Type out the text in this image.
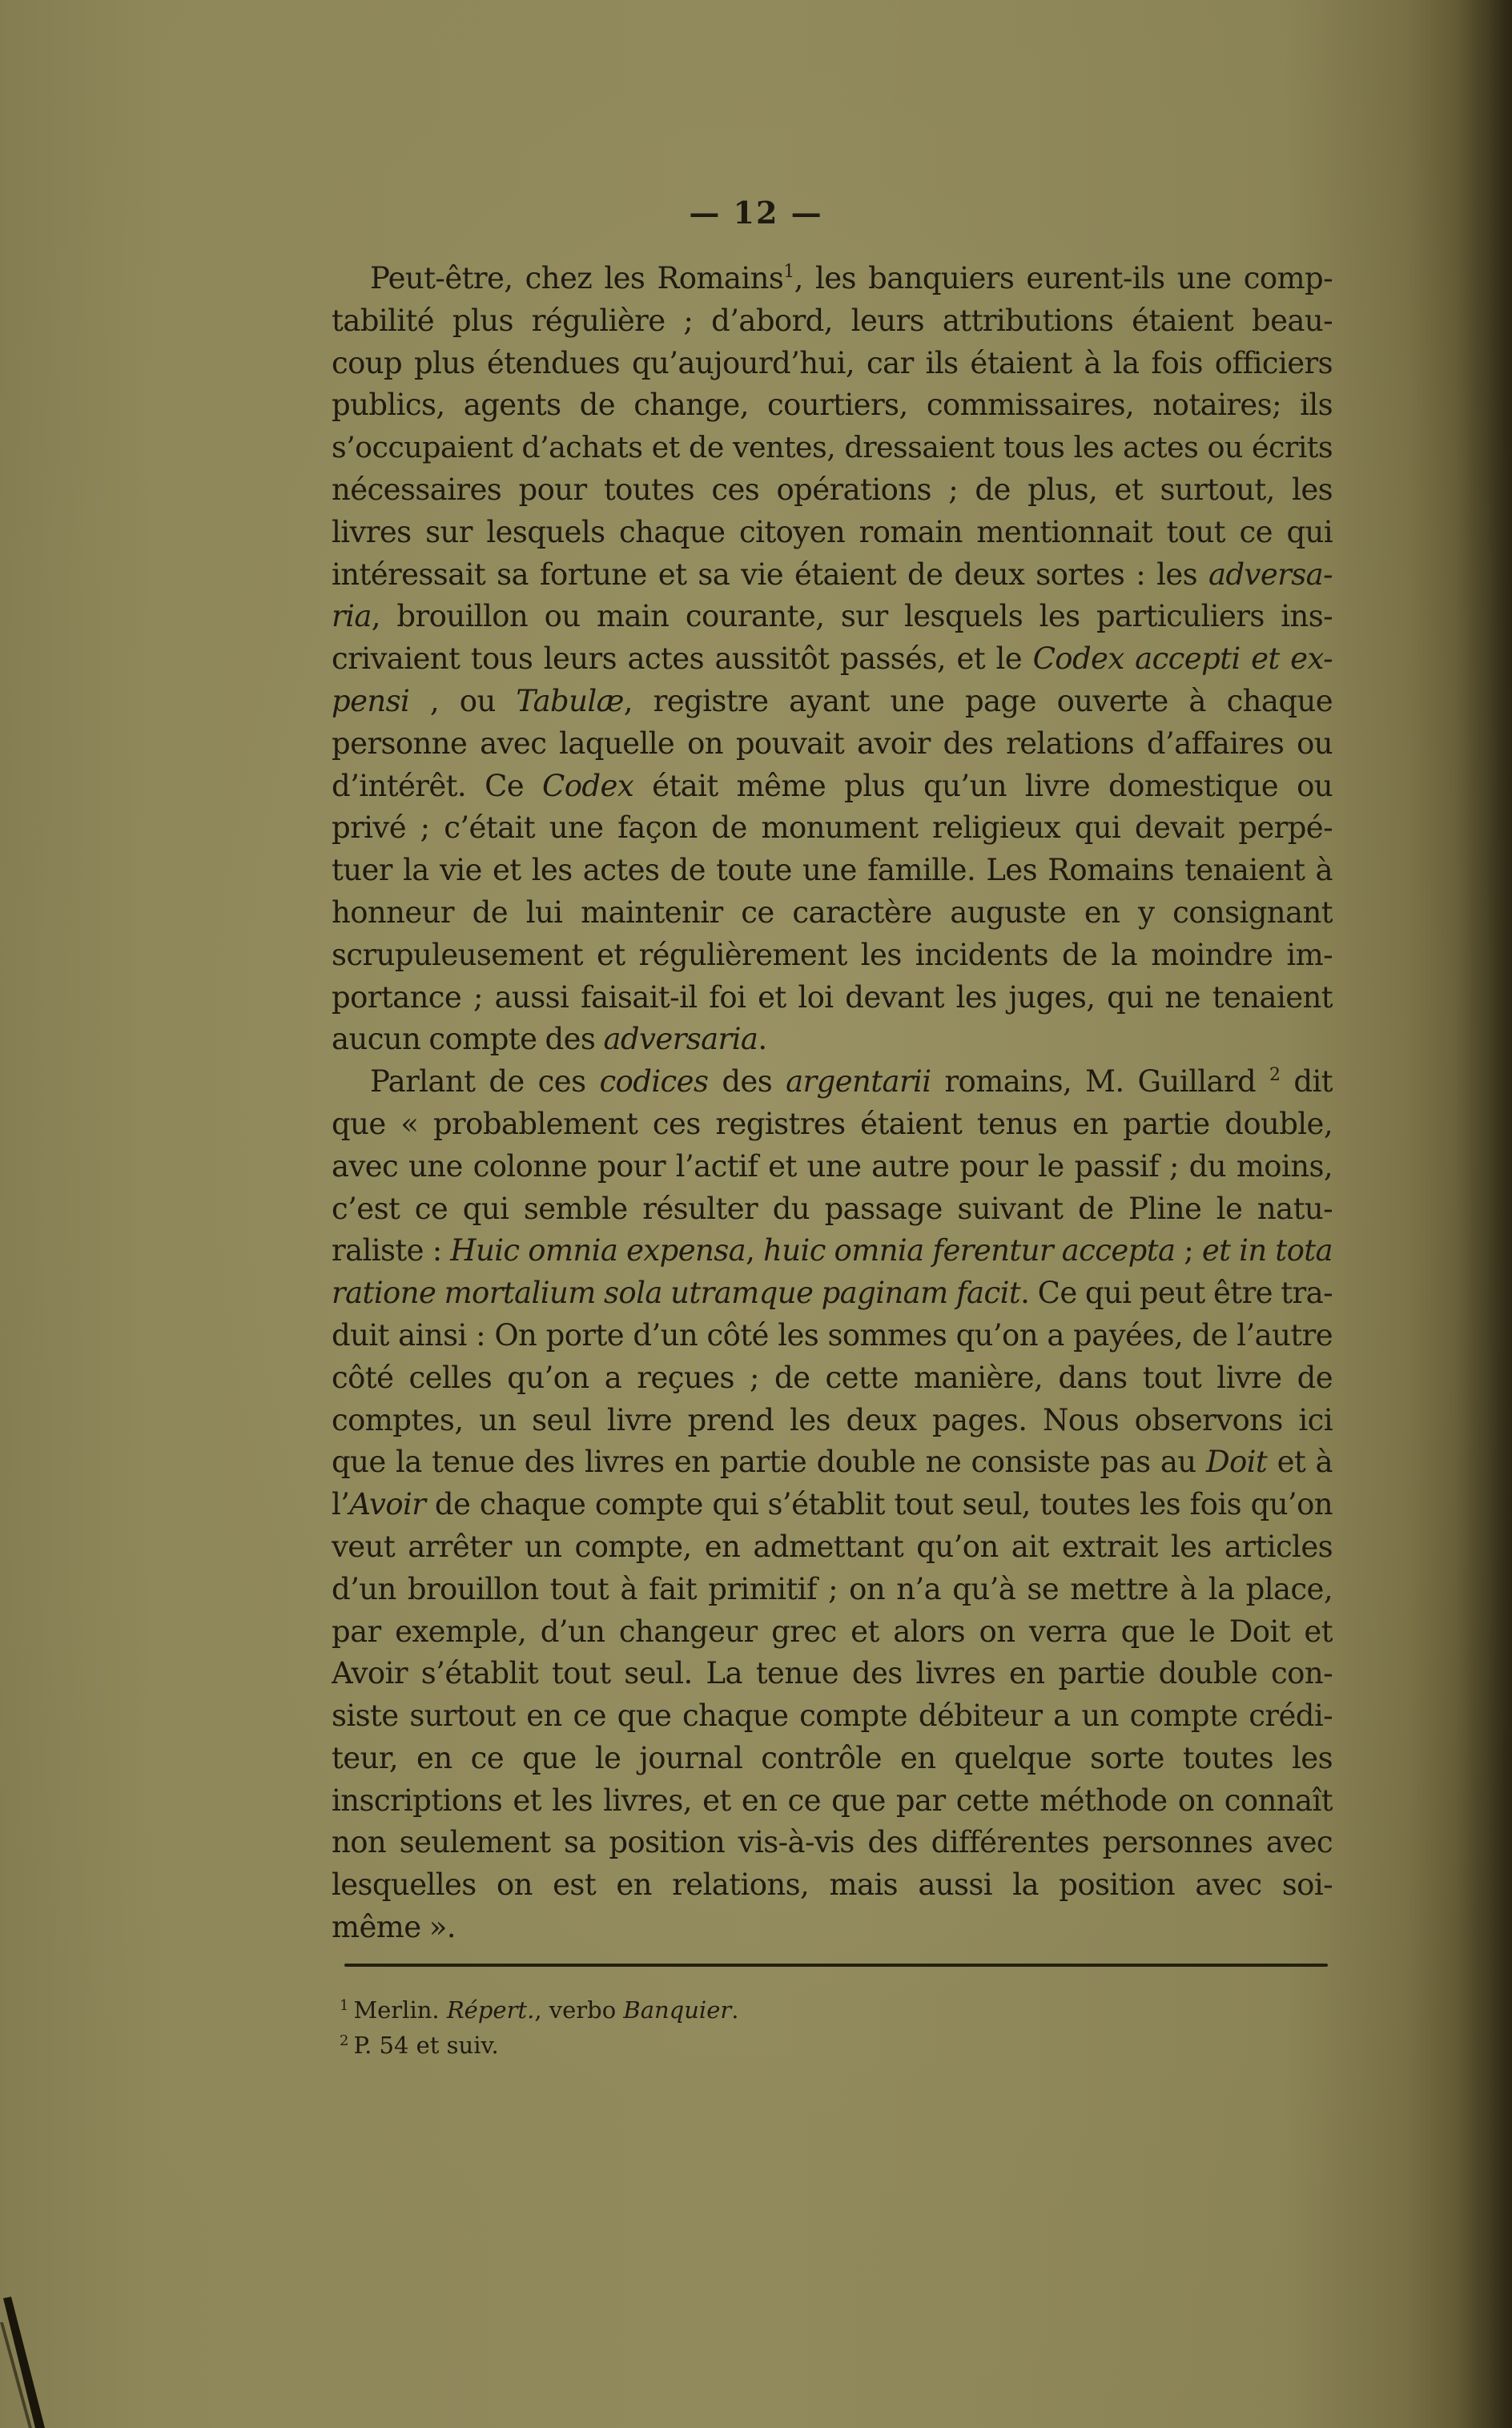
— 12 —
Peut-être, chez les Romains$^1$, les banquiers eurent-ils une comp-
tabilité plus régulière ; d’abord, leurs attributions étaient beau-
coup plus étendues qu’aujourd’hui, car ils étaient à la fois officiers
publics, agents de change, courtiers, commissaires, notaires; ils
s’occupaient d’achats et de ventes, dressaient tous les actes ou écrits
nécessaires pour toutes ces opérations ; de plus, et surtout, les
livres sur lesquels chaque citoyen romain mentionnait tout ce qui
intéressait sa fortune et sa vie étaient de deux sortes : les adversa-
ria, brouillon ou main courante, sur lesquels les particuliers ins-
crivaient tous leurs actes aussitôt passés, et le Codex accepti et ex-
pensi , ou Tabulæ, registre ayant une page ouverte à chaque
personne avec laquelle on pouvait avoir des relations d’affaires ou
d’intérêt. Ce Codex était même plus qu’un livre domestique ou
privé ; c’était une façon de monument religieux qui devait perpé-
tuer la vie et les actes de toute une famille. Les Romains tenaient à
honneur de lui maintenir ce caractère auguste en y consignant
scrupuleusement et régulièrement les incidents de la moindre im-
portance ; aussi faisait-il foi et loi devant les juges, qui ne tenaient
aucun compte des adversaria.
Parlant de ces codices des argentarii romains, M. Guillard $^2$ dit
que « probablement ces registres étaient tenus en partie double,
avec une colonne pour l’actif et une autre pour le passif ; du moins,
c’est ce qui semble résulter du passage suivant de Pline le natu-
raliste : Huic omnia expensa, huic omnia ferentur accepta ; et in tota
ratione mortalium sola utramque paginam facit. Ce qui peut être tra-
duit ainsi : On porte d’un côté les sommes qu’on a payées, de l’autre
côté celles qu’on a reçues ; de cette manière, dans tout livre de
comptes, un seul livre prend les deux pages. Nous observons ici
que la tenue des livres en partie double ne consiste pas au Doit et à
l’Avoir de chaque compte qui s’établit tout seul, toutes les fois qu’on
veut arrêter un compte, en admettant qu’on ait extrait les articles
d’un brouillon tout à fait primitif ; on n’a qu’à se mettre à la place,
par exemple, d’un changeur grec et alors on verra que le Doit et
Avoir s’établit tout seul. La tenue des livres en partie double con-
siste surtout en ce que chaque compte débiteur a un compte crédi-
teur, en ce que le journal contrôle en quelque sorte toutes les
inscriptions et les livres, et en ce que par cette méthode on connaît
non seulement sa position vis-à-vis des différentes personnes avec
lesquelles on est en relations, mais aussi la position avec soi-
même ».
$^1$ Merlin. Répert., verbo Banquier.
$^2$ P. 54 et suiv.
